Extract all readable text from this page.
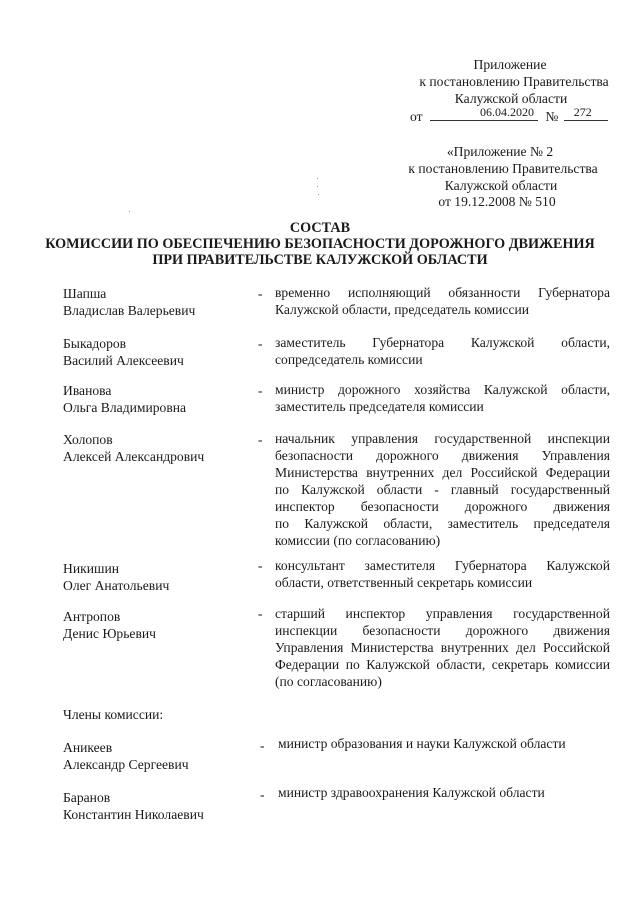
Приложение
к постановлению Правительства
Калужской области
от	06.04.2020 № 272
«Приложение № 2
к постановлению Правительства
Калужской области
от 19.12.2008 № 510
СОСТАВ
КОМИССИИ ПО ОБЕСПЕЧЕНИЮ БЕЗОПАСНОСТИ ДОРОЖНОГО ДВИЖЕНИЯ
ПРИ ПРАВИТЕЛЬСТВЕ КАЛУЖСКОЙ ОБЛАСТИ
Шапша
Владислав Валерьевич
- временно исполняющий обязанности Губернатора
Калужской области, председатель комиссии
Быкадоров
Василий Алексеевич
- заместитель Губернатора Калужской области,
сопредседатель комиссии
Иванова
Ольга Владимировна
- министр дорожного хозяйства Калужской области,
заместитель председателя комиссии
Холопов
Алексей Александрович
- начальник управления государственной инспекции
безопасности дорожного движения Управления
Министерства внутренних дел Российской Федерации
по Калужской области - главный государственный
инспектор безопасности дорожного движения
по Калужской области, заместитель председателя
комиссии (по согласованию)
Никишин
Олег Анатольевич
- консультант заместителя Губернатора Калужской
области, ответственный секретарь комиссии
Антропов
Денис Юрьевич
- старший инспектор управления государственной
инспекции безопасности дорожного движения
Управления Министерства внутренних дел Российской
Федерации по Калужской области, секретарь комиссии
(по согласованию)
Члены комиссии:
Аникеев
Александр Сергеевич
- министр образования и науки Калужской области
Баранов
Константин Николаевич
- министр здравоохранения Калужской области
